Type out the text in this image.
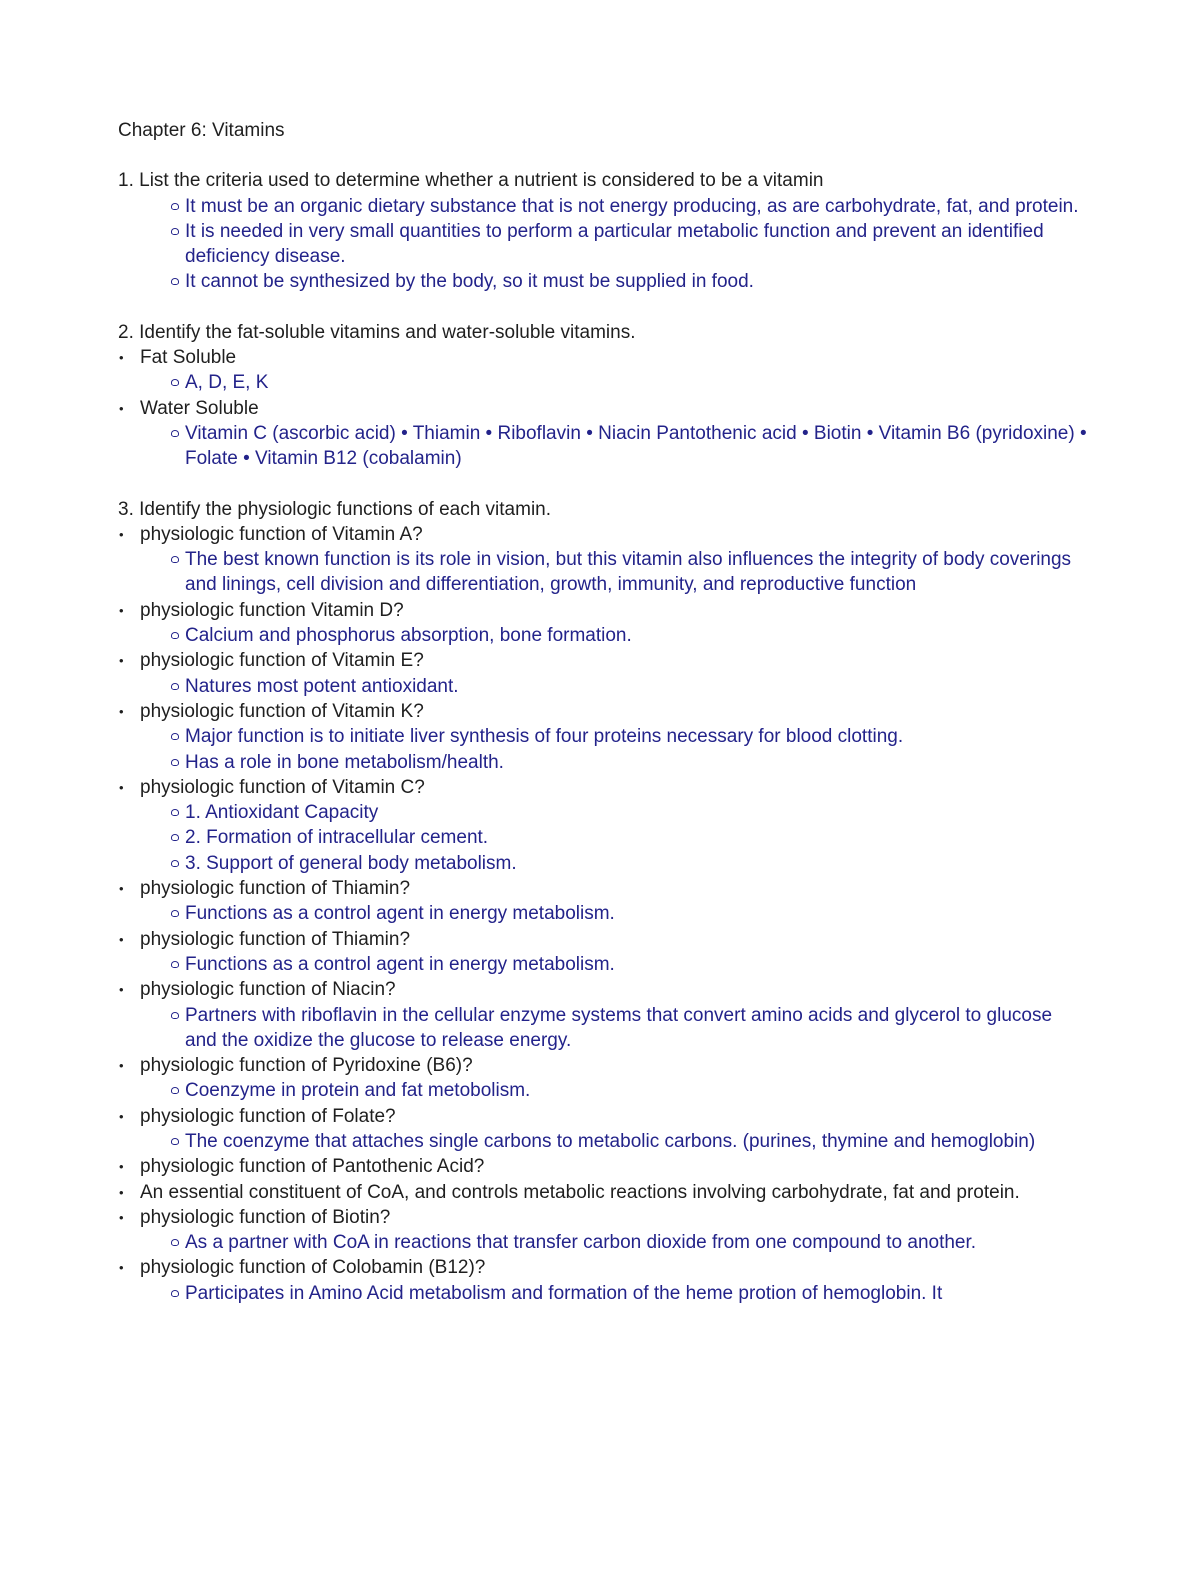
Chapter 6: Vitamins

1. List the criteria used to determine whether a nutrient is considered to be a vitamin

It must be an organic dietary substance that is not energy producing, as are carbohydrate, fat, and protein.

It is needed in very small quantities to perform a particular metabolic function and prevent an identified deficiency disease.

It cannot be synthesized by the body, so it must be supplied in food.

2. Identify the fat-soluble vitamins and water-soluble vitamins.

• Fat Soluble

A, D, E, K

• Water Soluble

Vitamin C (ascorbic acid) • Thiamin • Riboflavin • Niacin Pantothenic acid • Biotin • Vitamin B6 (pyridoxine) • Folate • Vitamin B12 (cobalamin)

3. Identify the physiologic functions of each vitamin.

• physiologic function of Vitamin A?

The best known function is its role in vision, but this vitamin also influences the integrity of body coverings and linings, cell division and differentiation, growth, immunity, and reproductive function

• physiologic function Vitamin D?

Calcium and phosphorus absorption, bone formation.

• physiologic function of Vitamin E?

Natures most potent antioxidant.

• physiologic function of Vitamin K?

Major function is to initiate liver synthesis of four proteins necessary for blood clotting.

Has a role in bone metabolism/health.

• physiologic function of Vitamin C?

1. Antioxidant Capacity

2. Formation of intracellular cement.

3. Support of general body metabolism.

• physiologic function of Thiamin?

Functions as a control agent in energy metabolism.

• physiologic function of Thiamin?

Functions as a control agent in energy metabolism.

• physiologic function of Niacin?

Partners with riboflavin in the cellular enzyme systems that convert amino acids and glycerol to glucose and the oxidize the glucose to release energy.

• physiologic function of Pyridoxine (B6)?

Coenzyme in protein and fat metobolism.

• physiologic function of Folate?

The coenzyme that attaches single carbons to metabolic carbons. (purines, thymine and hemoglobin)

• physiologic function of Pantothenic Acid?

• An essential constituent of CoA, and controls metabolic reactions involving carbohydrate, fat and protein.

• physiologic function of Biotin?

As a partner with CoA in reactions that transfer carbon dioxide from one compound to another.

• physiologic function of Colobamin (B12)?

Participates in Amino Acid metabolism and formation of the heme protion of hemoglobin. It
